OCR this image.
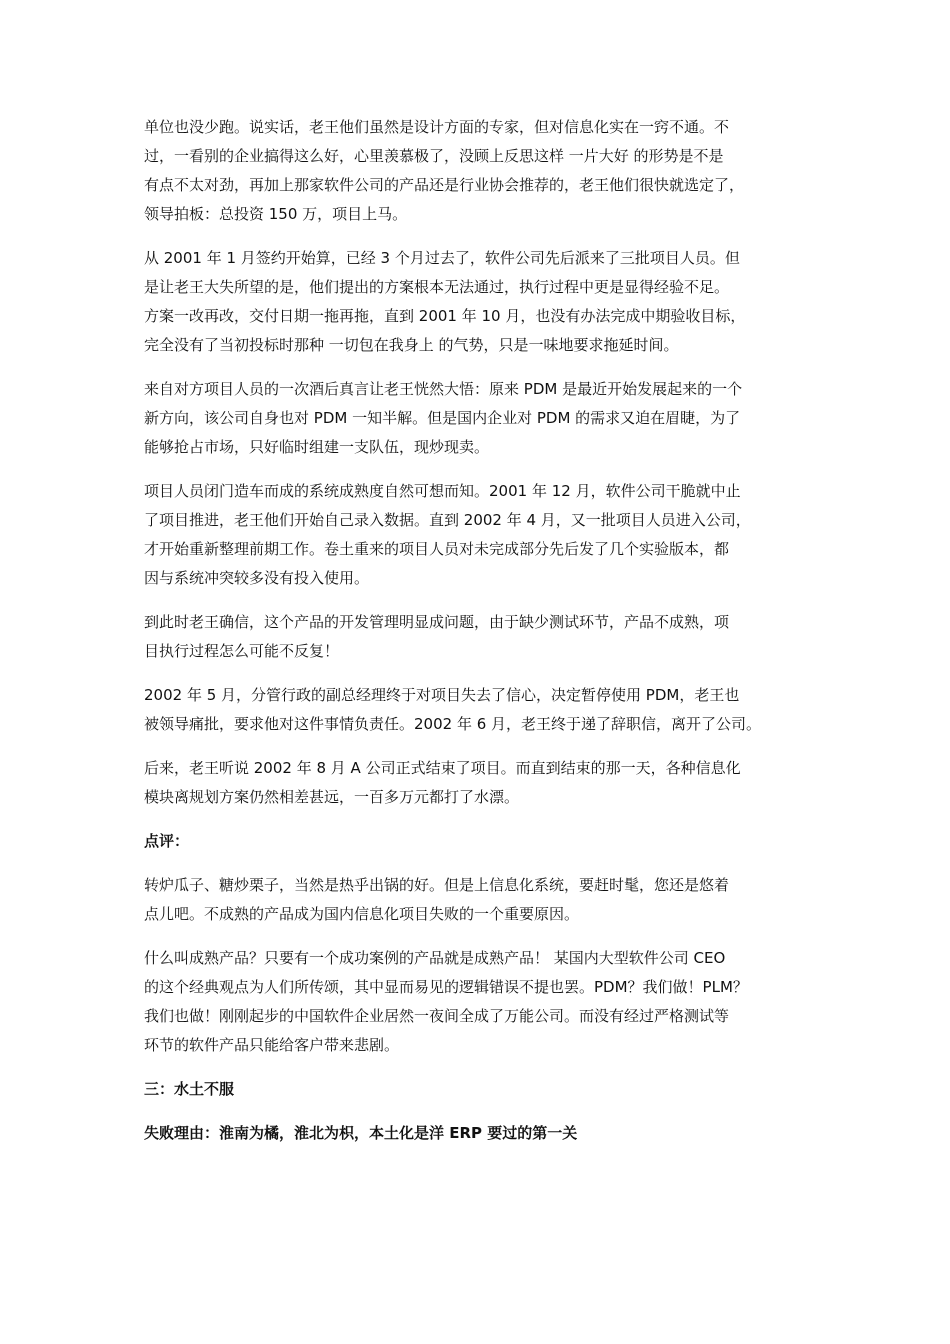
单位也没少跑。说实话，老王他们虽然是设计方面的专家，但对信息化实在一窍不通。不
过，一看别的企业搞得这么好，心里羡慕极了，没顾上反思这样 一片大好 的形势是不是
有点不太对劲，再加上那家软件公司的产品还是行业协会推荐的，老王他们很快就选定了，
领导拍板：总投资 150 万，项目上马。

从 2001 年 1 月签约开始算，已经 3 个月过去了，软件公司先后派来了三批项目人员。但
是让老王大失所望的是，他们提出的方案根本无法通过，执行过程中更是显得经验不足。
方案一改再改，交付日期一拖再拖，直到 2001 年 10 月，也没有办法完成中期验收目标，
完全没有了当初投标时那种 一切包在我身上 的气势，只是一味地要求拖延时间。

来自对方项目人员的一次酒后真言让老王恍然大悟：原来 PDM 是最近开始发展起来的一个
新方向，该公司自身也对 PDM 一知半解。但是国内企业对 PDM 的需求又迫在眉睫，为了
能够抢占市场，只好临时组建一支队伍，现炒现卖。

项目人员闭门造车而成的系统成熟度自然可想而知。2001 年 12 月，软件公司干脆就中止
了项目推进，老王他们开始自己录入数据。直到 2002 年 4 月，又一批项目人员进入公司，
才开始重新整理前期工作。卷土重来的项目人员对未完成部分先后发了几个实验版本，都
因与系统冲突较多没有投入使用。

到此时老王确信，这个产品的开发管理明显成问题，由于缺少测试环节，产品不成熟，项
目执行过程怎么可能不反复！

2002 年 5 月，分管行政的副总经理终于对项目失去了信心，决定暂停使用 PDM，老王也
被领导痛批，要求他对这件事情负责任。2002 年 6 月，老王终于递了辞职信，离开了公司。

后来，老王听说 2002 年 8 月 A 公司正式结束了项目。而直到结束的那一天，各种信息化
模块离规划方案仍然相差甚远，一百多万元都打了水漂。

点评：

转炉瓜子、糖炒栗子，当然是热乎出锅的好。但是上信息化系统，要赶时髦，您还是悠着
点儿吧。不成熟的产品成为国内信息化项目失败的一个重要原因。

什么叫成熟产品？只要有一个成功案例的产品就是成熟产品！ 某国内大型软件公司 CEO
的这个经典观点为人们所传颂，其中显而易见的逻辑错误不提也罢。PDM？我们做！PLM？
我们也做！刚刚起步的中国软件企业居然一夜间全成了万能公司。而没有经过严格测试等
环节的软件产品只能给客户带来悲剧。

三：水土不服

失败理由：淮南为橘，淮北为枳，本土化是洋 ERP 要过的第一关
